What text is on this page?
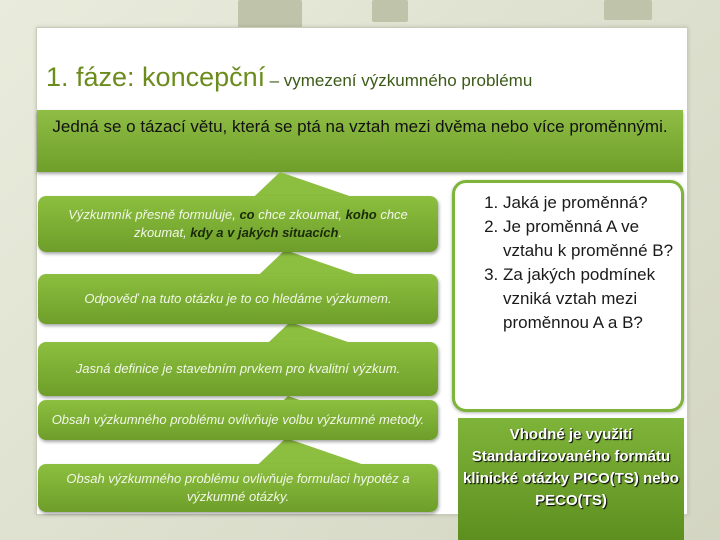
1. fáze: koncepční – vymezení výzkumného problému
Jedná se o tázací větu, která se ptá na vztah mezi dvěma nebo více proměnnými.
Výzkumník přesně formuluje, co chce zkoumat, koho chce zkoumat, kdy a v jakých situacích.
Odpověď na tuto otázku je to co hledáme výzkumem.
Jasná definice je stavebním prvkem pro kvalitní výzkum.
Obsah výzkumného problému ovlivňuje volbu výzkumné metody.
Obsah výzkumného problému ovlivňuje formulaci hypotéz a výzkumné otázky.
1. Jaká je proměnná?
2. Je proměnná A ve vztahu k proměnné B?
3. Za jakých podmínek vzniká vztah mezi proměnnou A a B?
Vhodné je využití Standardizovaného formátu klinické otázky PICO(TS) nebo PECO(TS)
